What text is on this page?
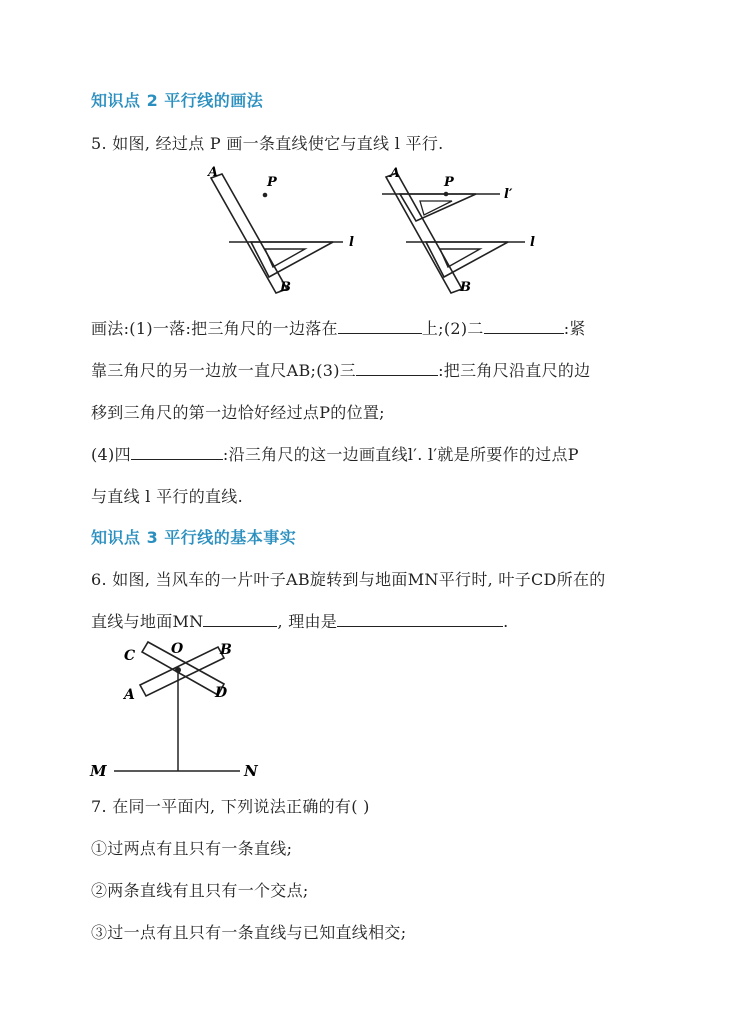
知识点 2 平行线的画法
5. 如图, 经过点 P 画一条直线使它与直线 l 平行.
A
P
l
B
A
P
l′
l
B
画法:(1)一落:把三角尺的一边落在	上;(2)二	:紧
靠三角尺的另一边放一直尺AB;(3)三	:把三角尺沿直尺的边
移到三角尺的第一边恰好经过点P的位置;
(4)四	:沿三角尺的这一边画直线l′. l′就是所要作的过点P
与直线 l 平行的直线.
知识点 3 平行线的基本事实
6. 如图, 当风车的一片叶子AB旋转到与地面MN平行时, 叶子CD所在的
直线与地面MN	, 理由是	.
C	O	B
A	D
M	N
7. 在同一平面内, 下列说法正确的有( )
①过两点有且只有一条直线;
②两条直线有且只有一个交点;
③过一点有且只有一条直线与已知直线相交;
